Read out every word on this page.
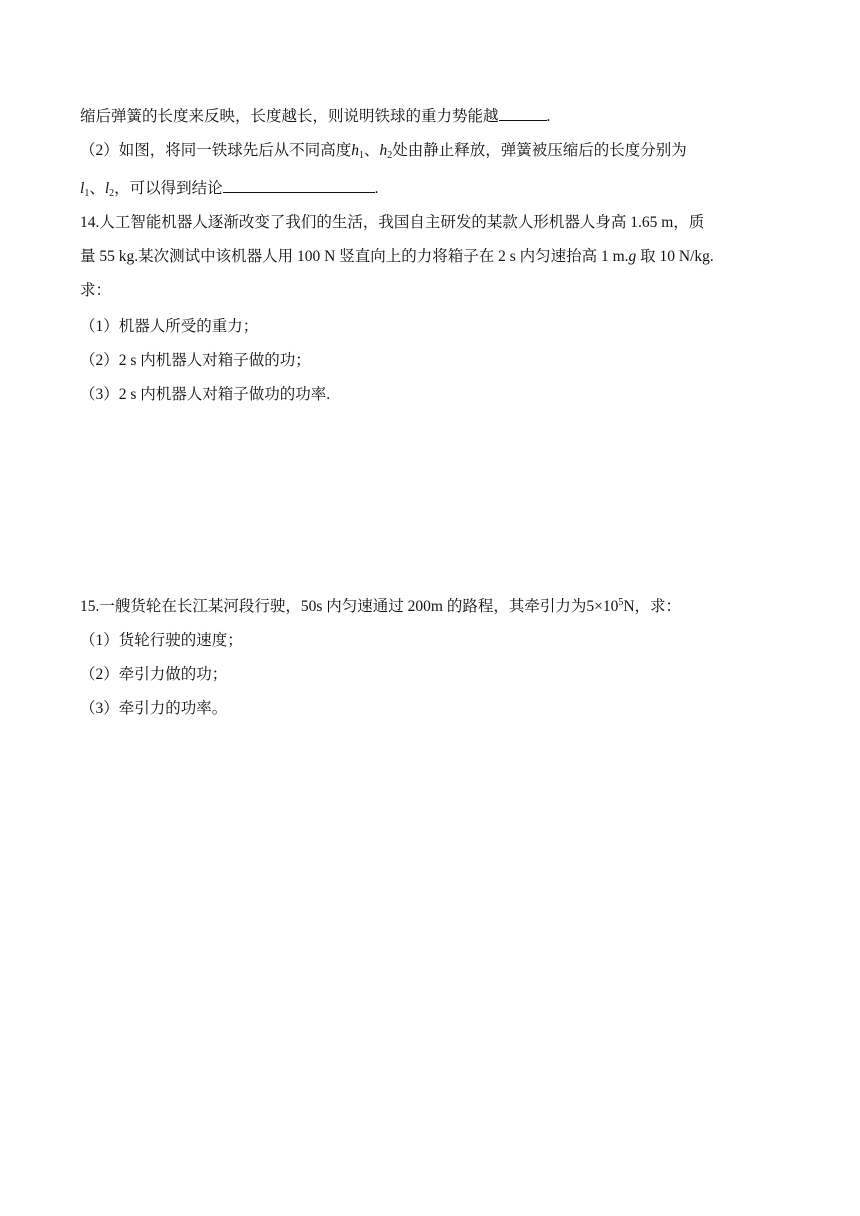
缩后弹簧的长度来反映，长度越长，则说明铁球的重力势能越	.
（2）如图，将同一铁球先后从不同高度$h_1$、$h_2$处由静止释放，弹簧被压缩后的长度分别为
$l_1$、$l_2$，可以得到结论	.
14.人工智能机器人逐渐改变了我们的生活，我国自主研发的某款人形机器人身高 1.65 m，质
量 55 kg.某次测试中该机器人用 100 N 竖直向上的力将箱子在 2 s 内匀速抬高 1 m.g 取 10 N/kg.
求：
（1）机器人所受的重力；
（2）2 s 内机器人对箱子做的功；
（3）2 s 内机器人对箱子做功的功率.
15.一艘货轮在长江某河段行驶，50s 内匀速通过 200m 的路程，其牵引力为$5\times 10^5N$，求：
（1）货轮行驶的速度；
（2）牵引力做的功；
（3）牵引力的功率。
